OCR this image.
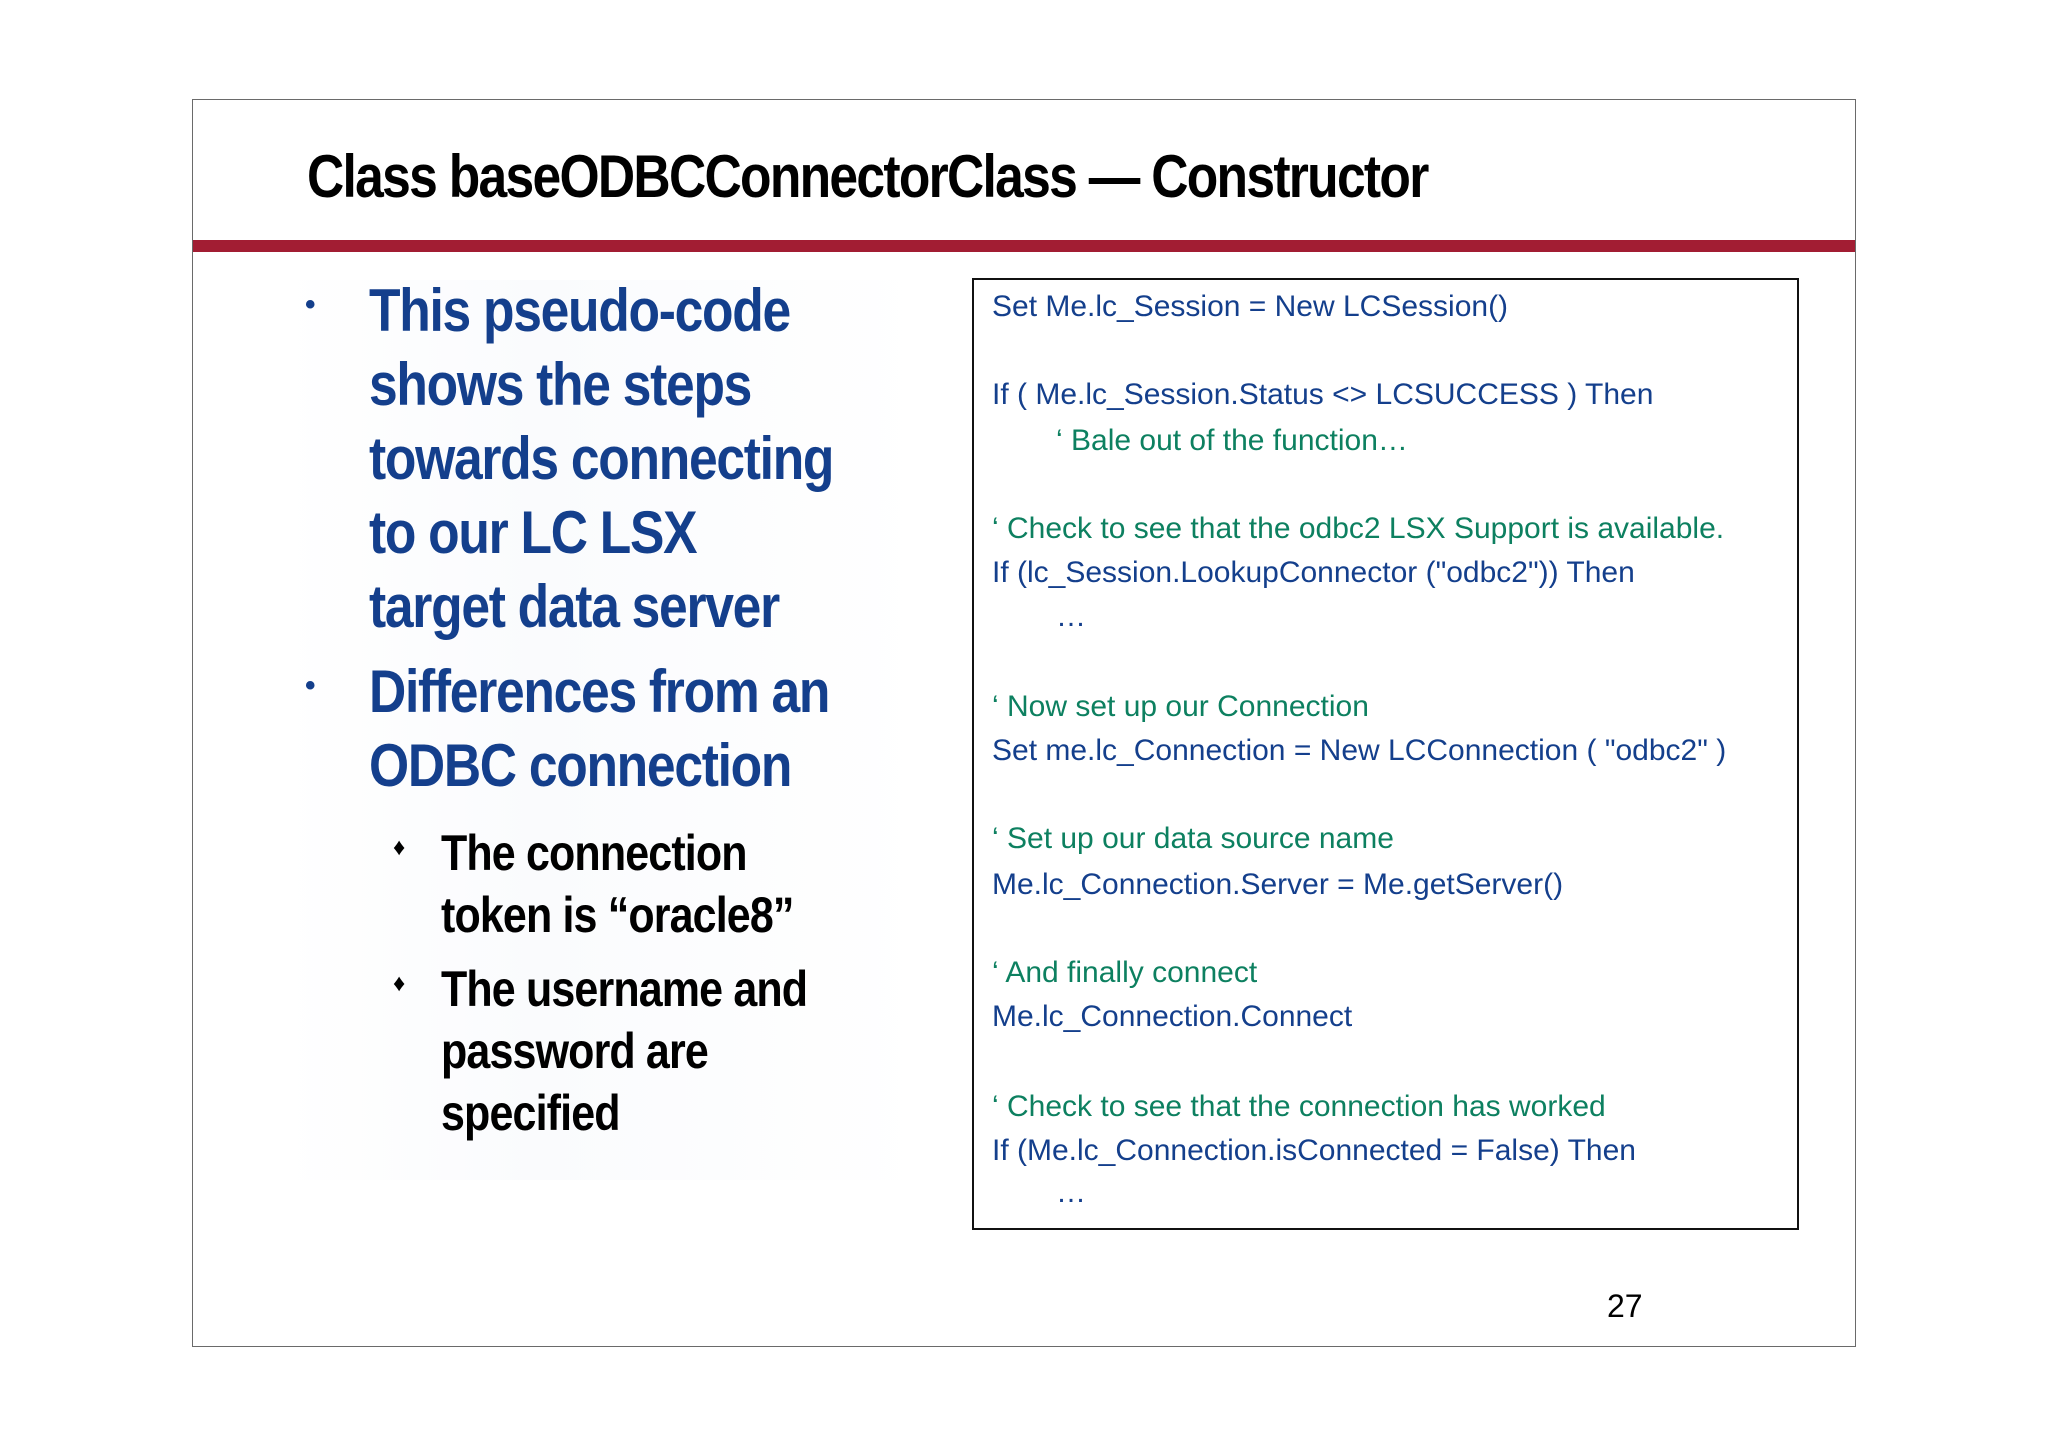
Class baseODBCConnectorClass — Constructor
• This pseudo-code shows the steps towards connecting to our LC LSX target data server
• Differences from an ODBC connection
♦ The connection token is “oracle8”
♦ The username and password are specified
Set Me.lc_Session = New LCSession()
If ( Me.lc_Session.Status <> LCSUCCESS ) Then
‘ Bale out of the function…
‘ Check to see that the odbc2 LSX Support is available.
If (lc_Session.LookupConnector ("odbc2")) Then
…
‘ Now set up our Connection
Set me.lc_Connection = New LCConnection ( "odbc2" )
‘ Set up our data source name
Me.lc_Connection.Server = Me.getServer()
‘ And finally connect
Me.lc_Connection.Connect
‘ Check to see that the connection has worked
If (Me.lc_Connection.isConnected = False) Then
…
27
